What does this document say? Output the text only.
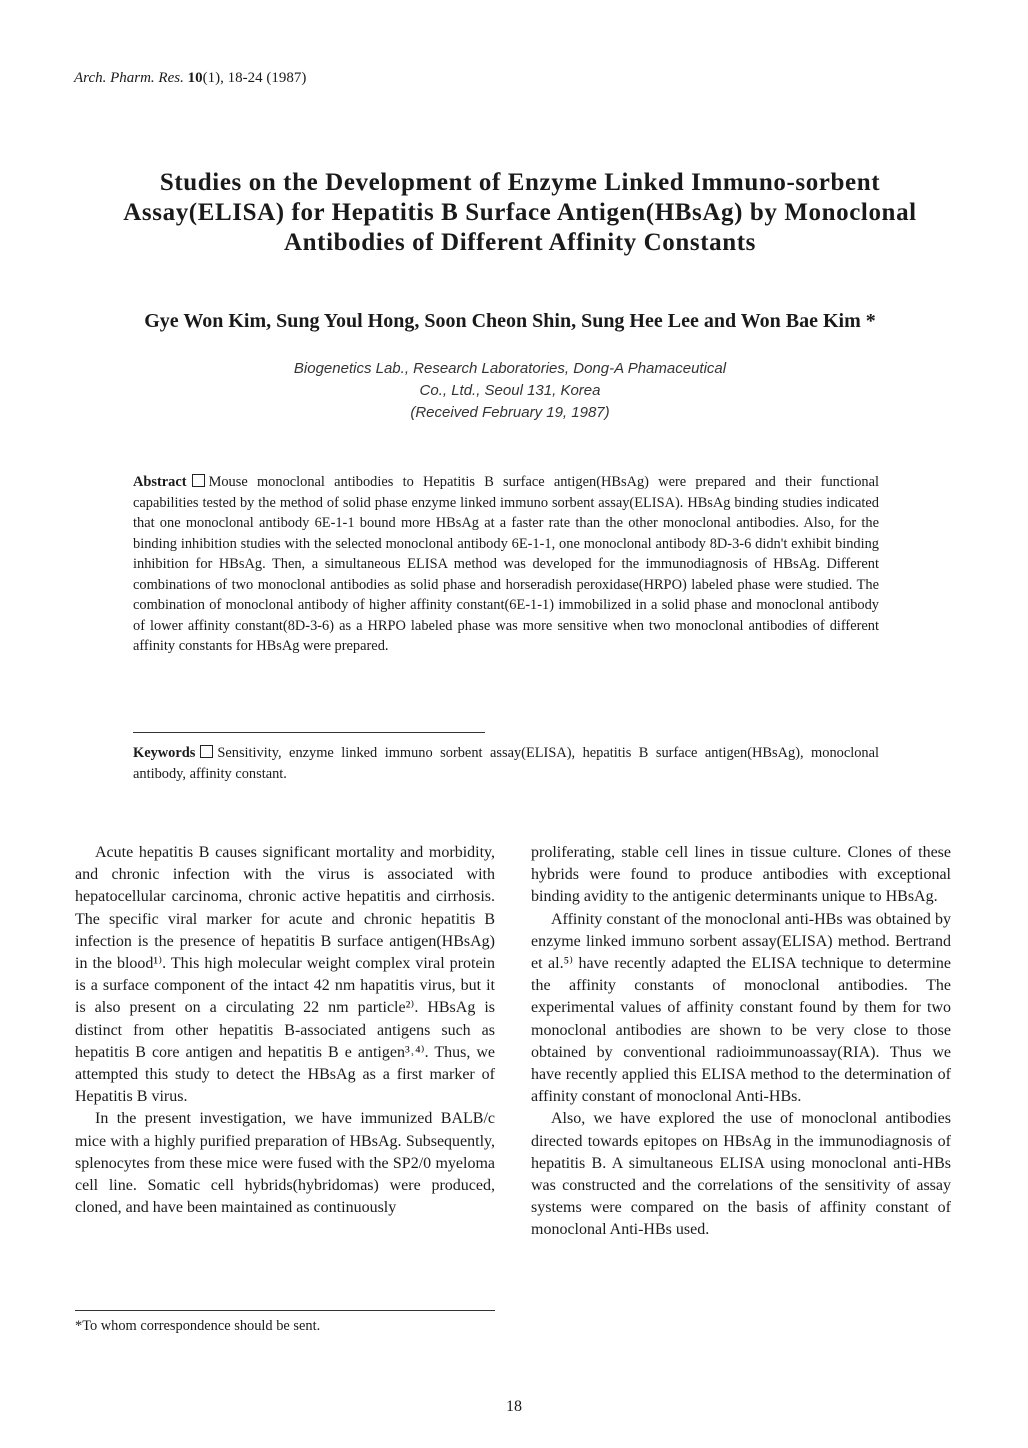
Arch. Pharm. Res. 10(1), 18-24 (1987)
Studies on the Development of Enzyme Linked Immuno-sorbent Assay(ELISA) for Hepatitis B Surface Antigen(HBsAg) by Monoclonal Antibodies of Different Affinity Constants
Gye Won Kim, Sung Youl Hong, Soon Cheon Shin, Sung Hee Lee and Won Bae Kim *
Biogenetics Lab., Research Laboratories, Dong-A Phamaceutical
Co., Ltd., Seoul 131, Korea
(Received February 19, 1987)
Abstract Mouse monoclonal antibodies to Hepatitis B surface antigen(HBsAg) were prepared and their functional capabilities tested by the method of solid phase enzyme linked immuno sorbent assay(ELISA). HBsAg binding studies indicated that one monoclonal antibody 6E-1-1 bound more HBsAg at a faster rate than the other monoclonal antibodies. Also, for the binding inhibition studies with the selected monoclonal antibody 6E-1-1, one monoclonal antibody 8D-3-6 didn't exhibit binding inhibition for HBsAg. Then, a simultaneous ELISA method was developed for the immunodiagnosis of HBsAg. Different combinations of two monoclonal antibodies as solid phase and horseradish peroxidase(HRPO) labeled phase were studied. The combination of monoclonal antibody of higher affinity constant(6E-1-1) immobilized in a solid phase and monoclonal antibody of lower affinity constant(8D-3-6) as a HRPO labeled phase was more sensitive when two monoclonal antibodies of different affinity constants for HBsAg were prepared.
Keywords Sensitivity, enzyme linked immuno sorbent assay(ELISA), hepatitis B surface antigen(HBsAg), monoclonal antibody, affinity constant.

Acute hepatitis B causes significant mortality and morbidity, and chronic infection with the virus is associated with hepatocellular carcinoma, chronic active hepatitis and cirrhosis. The specific viral marker for acute and chronic hepatitis B infection is the presence of hepatitis B surface antigen(HBsAg) in the blood¹⁾. This high molecular weight complex viral protein is a surface component of the intact 42 nm hapatitis virus, but it is also present on a circulating 22 nm particle²⁾. HBsAg is distinct from other hepatitis B-associated antigens such as hepatitis B core antigen and hepatitis B e antigen³˒⁴⁾. Thus, we attempted this study to detect the HBsAg as a first marker of Hepatitis B virus.

In the present investigation, we have immunized BALB/c mice with a highly purified preparation of HBsAg. Subsequently, splenocytes from these mice were fused with the SP2/0 myeloma cell line. Somatic cell hybrids(hybridomas) were produced, cloned, and have been maintained as continuously

proliferating, stable cell lines in tissue culture. Clones of these hybrids were found to produce antibodies with exceptional binding avidity to the antigenic determinants unique to HBsAg.

Affinity constant of the monoclonal anti-HBs was obtained by enzyme linked immuno sorbent assay(ELISA) method. Bertrand et al.⁵⁾ have recently adapted the ELISA technique to determine the affinity constants of monoclonal antibodies. The experimental values of affinity constant found by them for two monoclonal antibodies are shown to be very close to those obtained by conventional radioimmunoassay(RIA). Thus we have recently applied this ELISA method to the determination of affinity constant of monoclonal Anti-HBs.

Also, we have explored the use of monoclonal antibodies directed towards epitopes on HBsAg in the immunodiagnosis of hepatitis B. A simultaneous ELISA using monoclonal anti-HBs was constructed and the correlations of the sensitivity of assay systems were compared on the basis of affinity constant of monoclonal Anti-HBs used.

*To whom correspondence should be sent.
18
